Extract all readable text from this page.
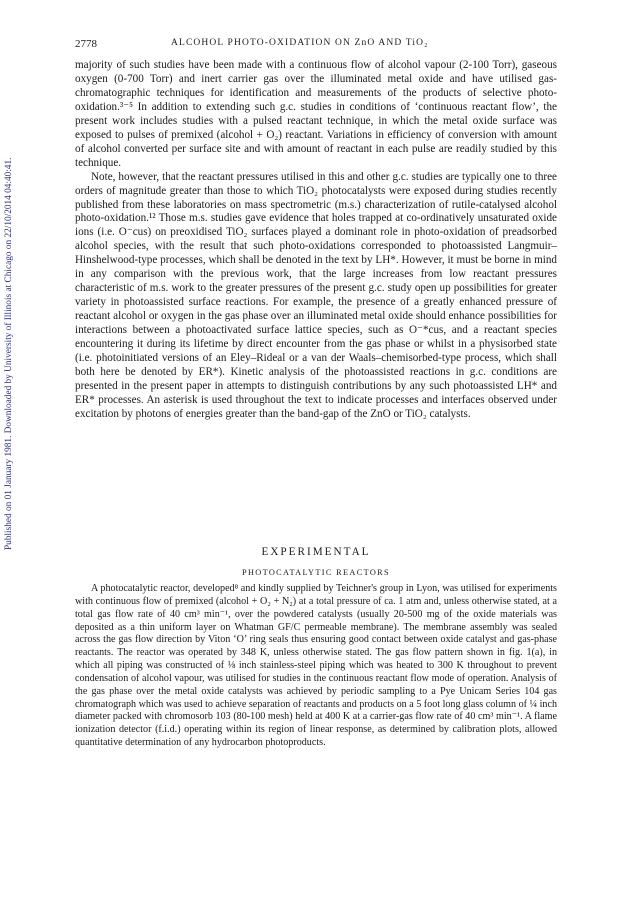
Published on 01 January 1981. Downloaded by University of Illinois at Chicago on 22/10/2014 04:40:41.
2778	ALCOHOL PHOTO-OXIDATION ON ZnO AND TiO₂

majority of such studies have been made with a continuous flow of alcohol vapour (2-100 Torr), gaseous oxygen (0-700 Torr) and inert carrier gas over the illuminated metal oxide and have utilised gas-chromatographic techniques for identification and measurements of the products of selective photo-oxidation.³⁻⁵ In addition to extending such g.c. studies in conditions of ‘continuous reactant flow’, the present work includes studies with a pulsed reactant technique, in which the metal oxide surface was exposed to pulses of premixed (alcohol + O₂) reactant. Variations in efficiency of conversion with amount of alcohol converted per surface site and with amount of reactant in each pulse are readily studied by this technique.

Note, however, that the reactant pressures utilised in this and other g.c. studies are typically one to three orders of magnitude greater than those to which TiO₂ photocatalysts were exposed during studies recently published from these laboratories on mass spectrometric (m.s.) characterization of rutile-catalysed alcohol photo-oxidation.¹² Those m.s. studies gave evidence that holes trapped at co-ordinatively unsaturated oxide ions (i.e. O⁻cus) on preoxidised TiO₂ surfaces played a dominant role in photo-oxidation of preadsorbed alcohol species, with the result that such photo-oxidations corresponded to photoassisted Langmuir–Hinshelwood-type processes, which shall be denoted in the text by LH*. However, it must be borne in mind in any comparison with the previous work, that the large increases from low reactant pressures characteristic of m.s. work to the greater pressures of the present g.c. study open up possibilities for greater variety in photoassisted surface reactions. For example, the presence of a greatly enhanced pressure of reactant alcohol or oxygen in the gas phase over an illuminated metal oxide should enhance possibilities for interactions between a photoactivated surface lattice species, such as O⁻*cus, and a reactant species encountering it during its lifetime by direct encounter from the gas phase or whilst in a physisorbed state (i.e. photoinitiated versions of an Eley–Rideal or a van der Waals–chemisorbed-type process, which shall both here be denoted by ER*). Kinetic analysis of the photoassisted reactions in g.c. conditions are presented in the present paper in attempts to distinguish contributions by any such photoassisted LH* and ER* processes. An asterisk is used throughout the text to indicate processes and interfaces observed under excitation by photons of energies greater than the band-gap of the ZnO or TiO₂ catalysts.

EXPERIMENTAL
PHOTOCATALYTIC REACTORS

A photocatalytic reactor, developed⁸ and kindly supplied by Teichner's group in Lyon, was utilised for experiments with continuous flow of premixed (alcohol + O₂ + N₂) at a total pressure of ca. 1 atm and, unless otherwise stated, at a total gas flow rate of 40 cm³ min⁻¹, over the powdered catalysts (usually 20-500 mg of the oxide materials was deposited as a thin uniform layer on Whatman GF/C permeable membrane). The membrane assembly was sealed across the gas flow direction by Viton ‘O’ ring seals thus ensuring good contact between oxide catalyst and gas-phase reactants. The reactor was operated by 348 K, unless otherwise stated. The gas flow pattern shown in fig. 1(a), in which all piping was constructed of ⅛ inch stainless-steel piping which was heated to 300 K throughout to prevent condensation of alcohol vapour, was utilised for studies in the continuous reactant flow mode of operation. Analysis of the gas phase over the metal oxide catalysts was achieved by periodic sampling to a Pye Unicam Series 104 gas chromatograph which was used to achieve separation of reactants and products on a 5 foot long glass column of ¼ inch diameter packed with chromosorb 103 (80-100 mesh) held at 400 K at a carrier-gas flow rate of 40 cm³ min⁻¹. A flame ionization detector (f.i.d.) operating within its region of linear response, as determined by calibration plots, allowed quantitative determination of any hydrocarbon photoproducts.
